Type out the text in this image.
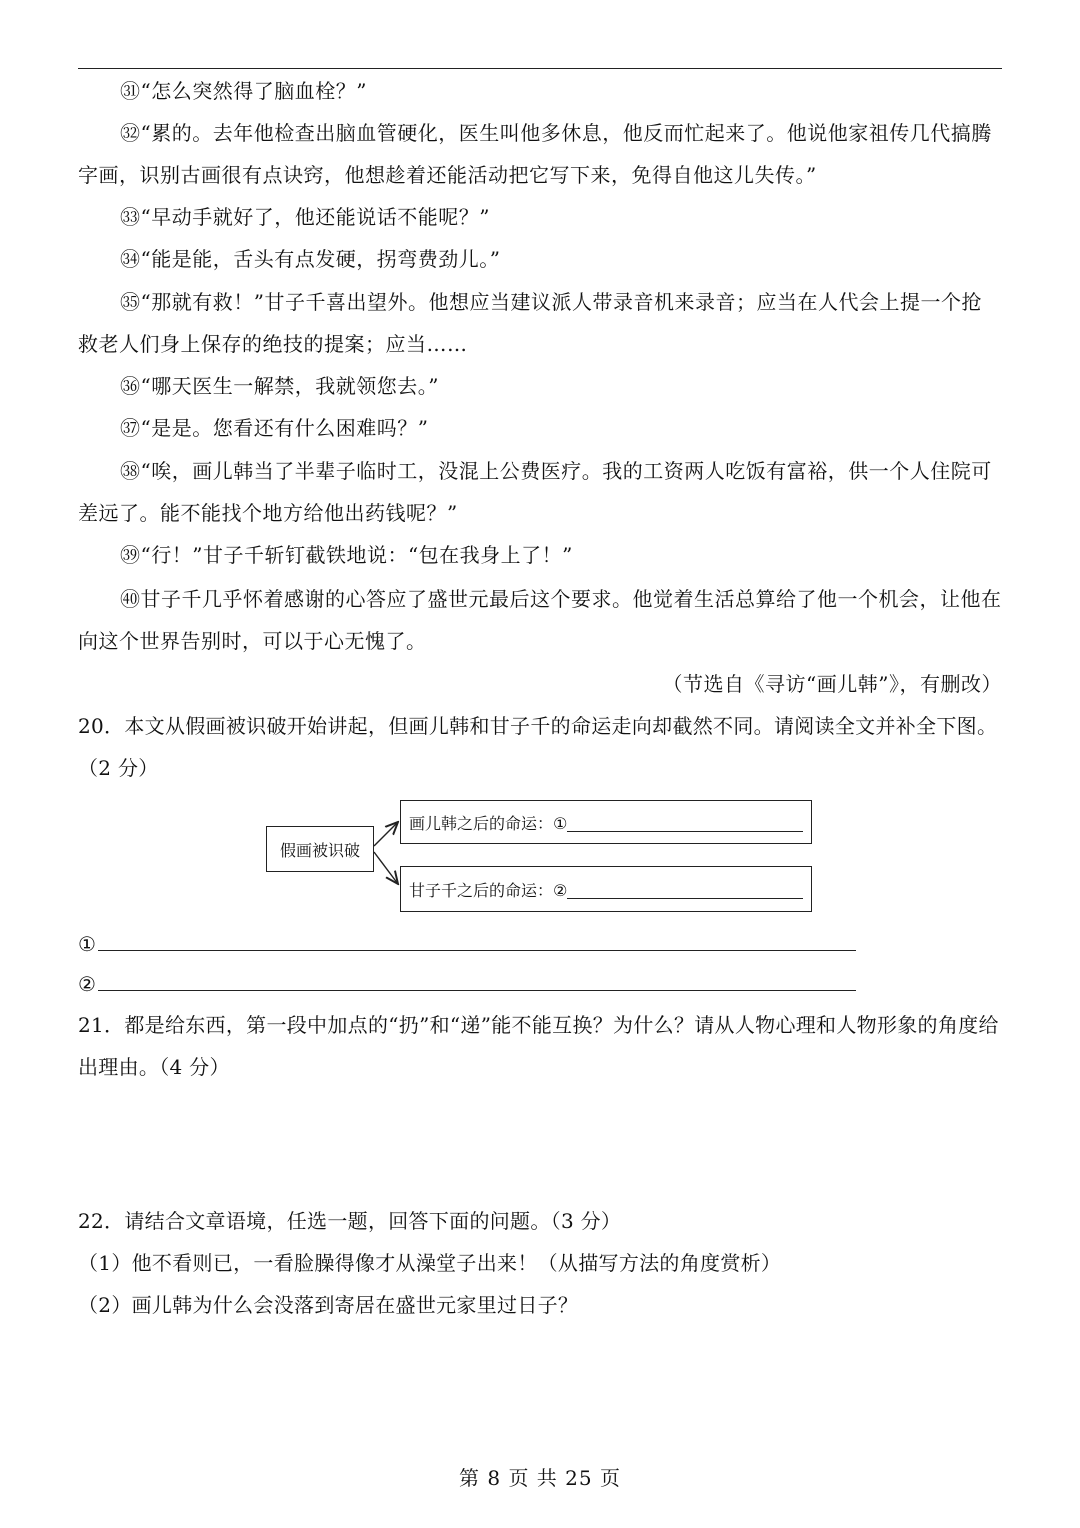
㉛“怎么突然得了脑血栓？”

㉜“累的。去年他检查出脑血管硬化，医生叫他多休息，他反而忙起来了。他说他家祖传几代搞腾字画，识别古画很有点诀窍，他想趁着还能活动把它写下来，免得自他这儿失传。”

㉝“早动手就好了，他还能说话不能呢？”

㉞“能是能，舌头有点发硬，拐弯费劲儿。”

㉟“那就有救！”甘子千喜出望外。他想应当建议派人带录音机来录音；应当在人代会上提一个抢救老人们身上保存的绝技的提案；应当……

㊱“哪天医生一解禁，我就领您去。”

㊲“是是。您看还有什么困难吗？”

㊳“唉，画儿韩当了半辈子临时工，没混上公费医疗。我的工资两人吃饭有富裕，供一个人住院可差远了。能不能找个地方给他出药钱呢？”

㊴“行！”甘子千斩钉截铁地说：“包在我身上了！”

㊵甘子千几乎怀着感谢的心答应了盛世元最后这个要求。他觉着生活总算给了他一个机会，让他在向这个世界告别时，可以于心无愧了。

（节选自《寻访“画儿韩”》，有删改）

20．本文从假画被识破开始讲起，但画儿韩和甘子千的命运走向却截然不同。请阅读全文并补全下图。（2 分）

假画被识破
画儿韩之后的命运：①
甘子千之后的命运：②
①
②

21．都是给东西，第一段中加点的“扔”和“递”能不能互换？为什么？请从人物心理和人物形象的角度给出理由。（4 分）

22．请结合文章语境，任选一题，回答下面的问题。（3 分）

（1）他不看则已，一看脸臊得像才从澡堂子出来！（从描写方法的角度赏析）

（2）画儿韩为什么会没落到寄居在盛世元家里过日子？

第 8 页 共 25 页
